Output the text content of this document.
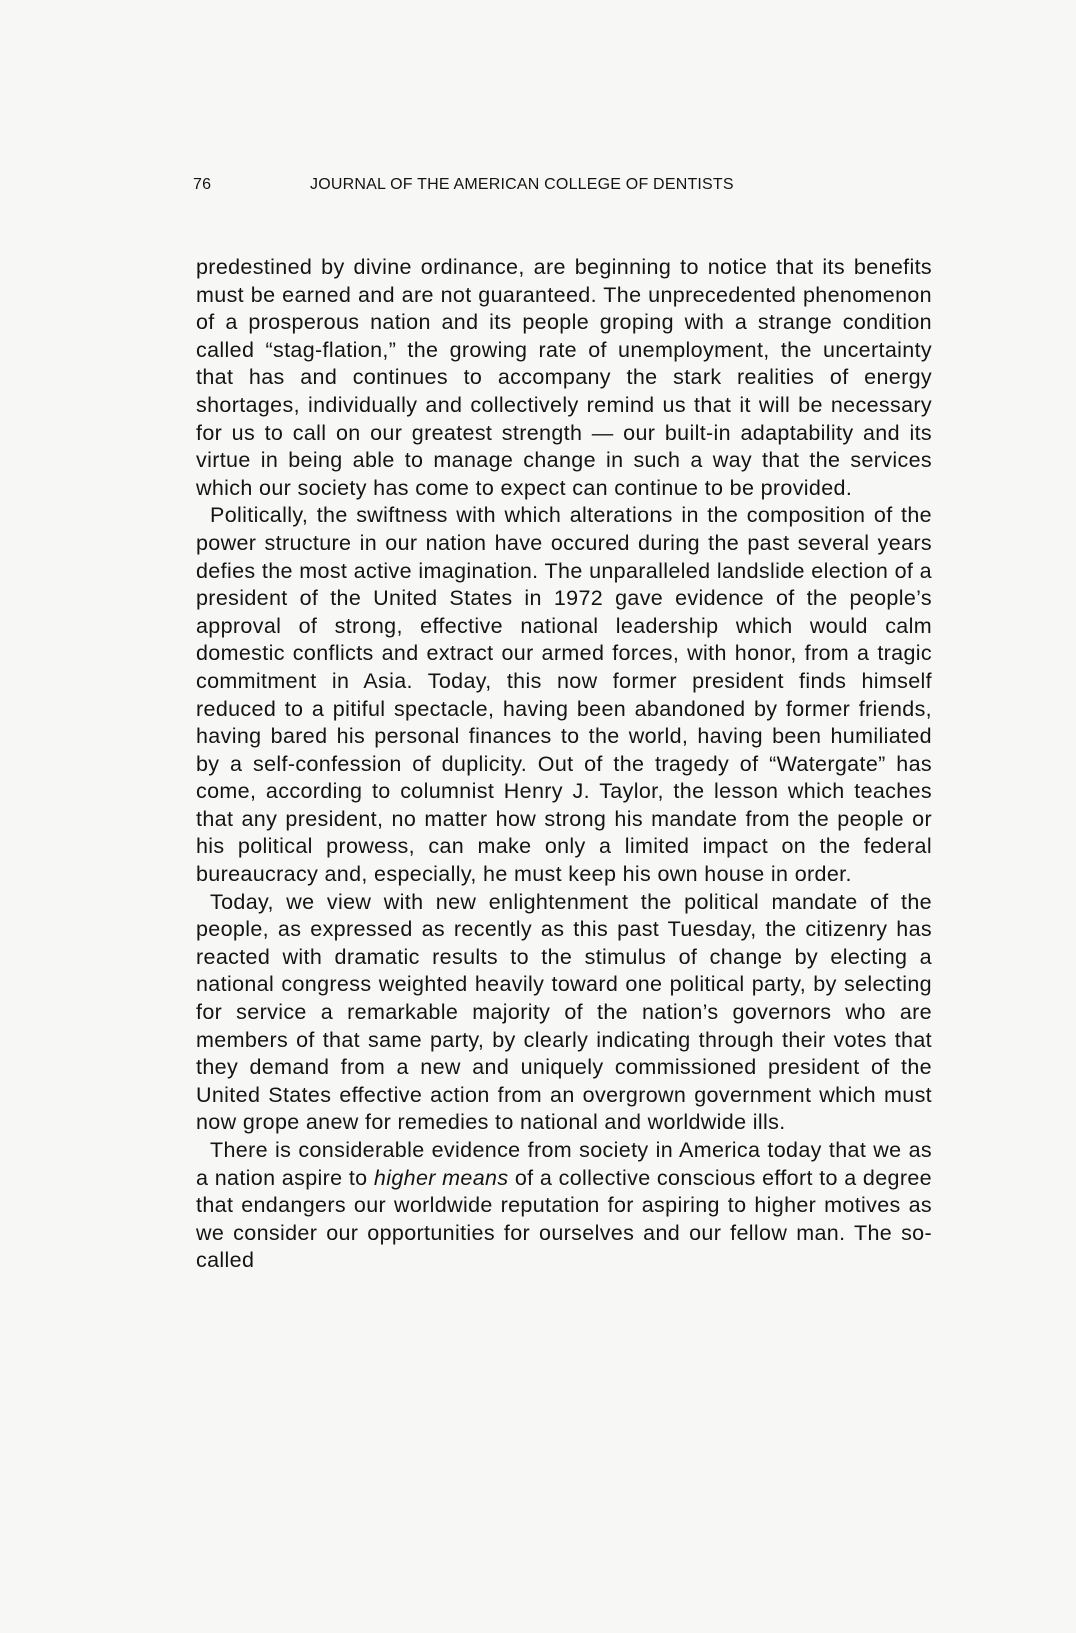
76	JOURNAL OF THE AMERICAN COLLEGE OF DENTISTS

predestined by divine ordinance, are beginning to notice that its benefits must be earned and are not guaranteed. The unprecedented phenomenon of a prosperous nation and its people groping with a strange condition called “stag-flation,” the growing rate of unemployment, the uncertainty that has and continues to accompany the stark realities of energy shortages, individually and collectively remind us that it will be necessary for us to call on our greatest strength — our built-in adaptability and its virtue in being able to manage change in such a way that the services which our society has come to expect can continue to be provided.

Politically, the swiftness with which alterations in the composition of the power structure in our nation have occured during the past several years defies the most active imagination. The unparalleled landslide election of a president of the United States in 1972 gave evidence of the people’s approval of strong, effective national leadership which would calm domestic conflicts and extract our armed forces, with honor, from a tragic commitment in Asia. Today, this now former president finds himself reduced to a pitiful spectacle, having been abandoned by former friends, having bared his personal finances to the world, having been humiliated by a self-confession of duplicity. Out of the tragedy of “Watergate” has come, according to columnist Henry J. Taylor, the lesson which teaches that any president, no matter how strong his mandate from the people or his political prowess, can make only a limited impact on the federal bureaucracy and, especially, he must keep his own house in order.

Today, we view with new enlightenment the political mandate of the people, as expressed as recently as this past Tuesday, the citizenry has reacted with dramatic results to the stimulus of change by electing a national congress weighted heavily toward one political party, by selecting for service a remarkable majority of the nation’s governors who are members of that same party, by clearly indicating through their votes that they demand from a new and uniquely commissioned president of the United States effective action from an overgrown government which must now grope anew for remedies to national and worldwide ills.

There is considerable evidence from society in America today that we as a nation aspire to higher means of a collective conscious effort to a degree that endangers our worldwide reputation for aspiring to higher motives as we consider our opportunities for ourselves and our fellow man. The so-called
